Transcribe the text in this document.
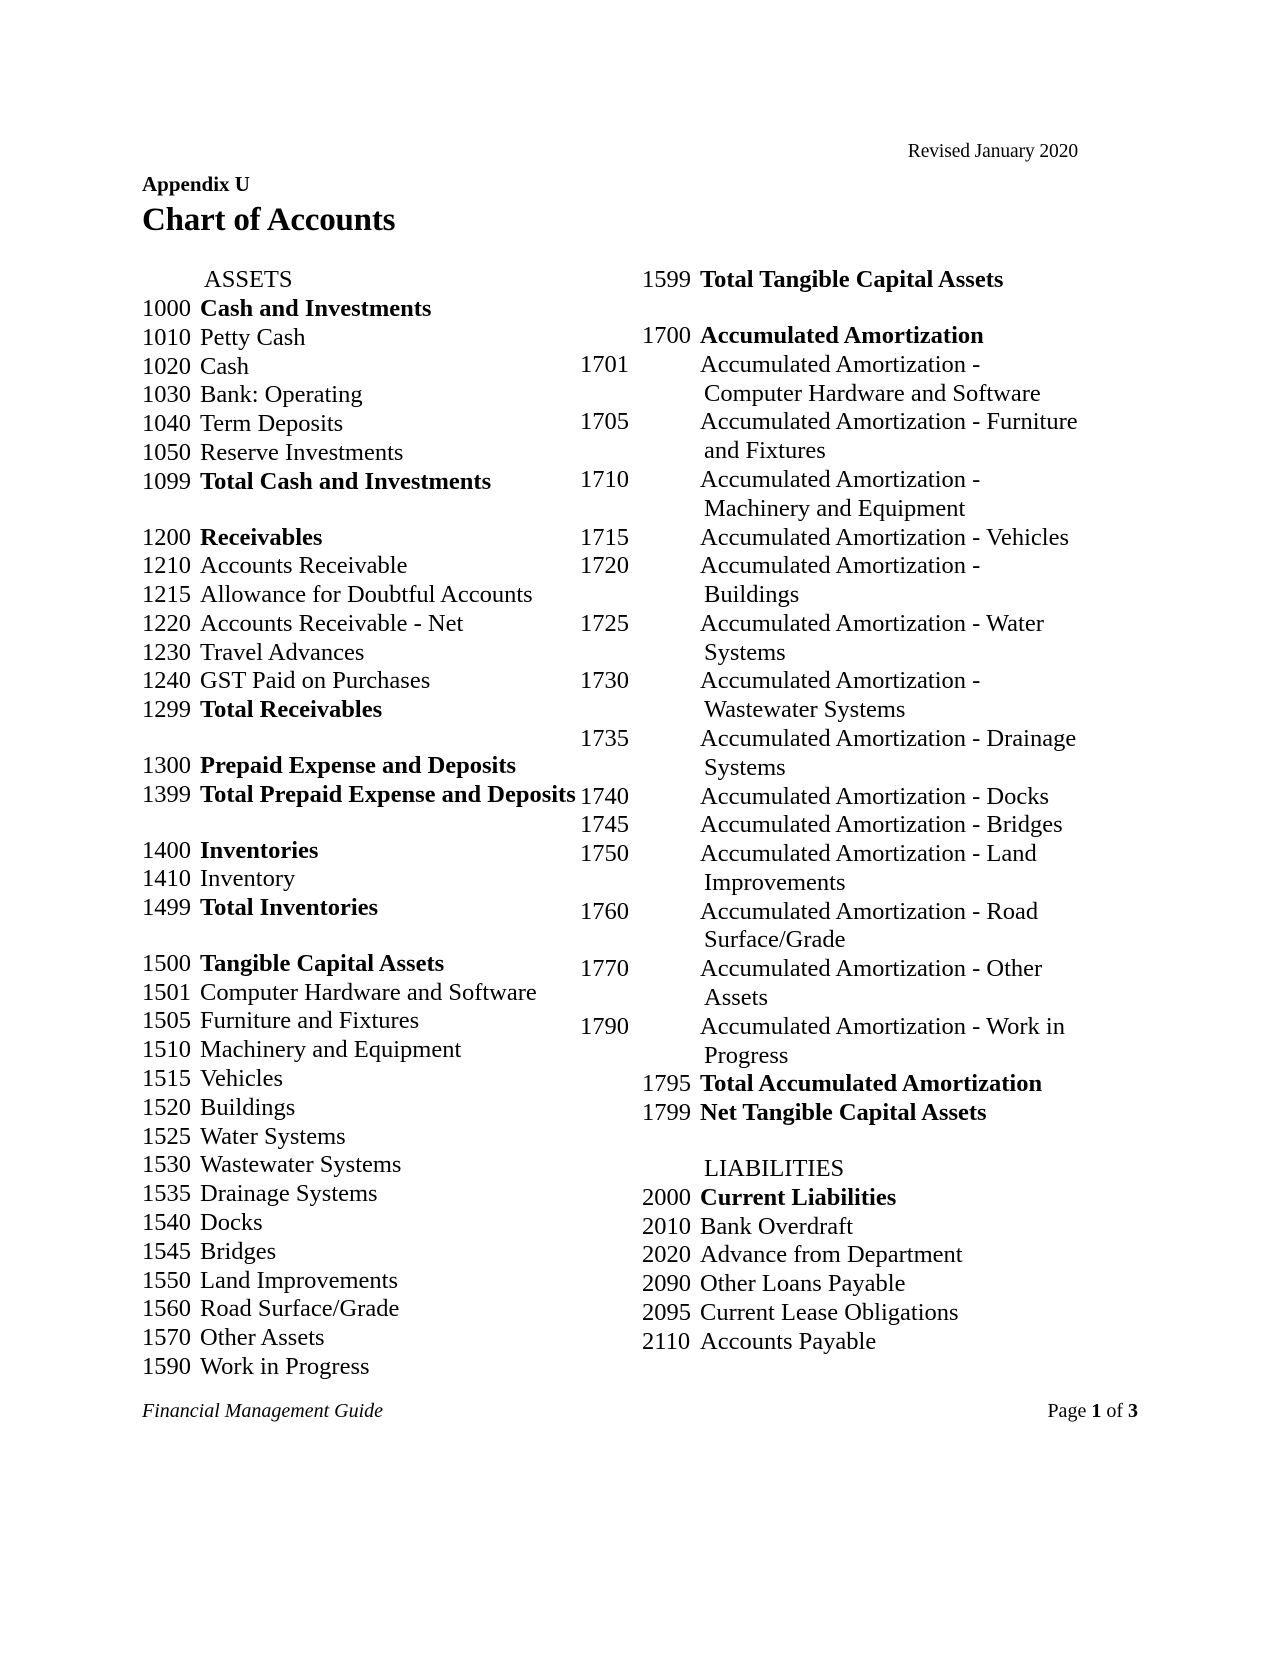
Revised January 2020
Appendix U
Chart of Accounts
ASSETS
1000 Cash and Investments
1010 Petty Cash
1020 Cash
1030 Bank: Operating
1040 Term Deposits
1050 Reserve Investments
1099 Total Cash and Investments
1200 Receivables
1210 Accounts Receivable
1215 Allowance for Doubtful Accounts
1220 Accounts Receivable - Net
1230 Travel Advances
1240 GST Paid on Purchases
1299 Total Receivables
1300 Prepaid Expense and Deposits
1399 Total Prepaid Expense and Deposits
1400 Inventories
1410 Inventory
1499 Total Inventories
1500 Tangible Capital Assets
1501 Computer Hardware and Software
1505 Furniture and Fixtures
1510 Machinery and Equipment
1515 Vehicles
1520 Buildings
1525 Water Systems
1530 Wastewater Systems
1535 Drainage Systems
1540 Docks
1545 Bridges
1550 Land Improvements
1560 Road Surface/Grade
1570 Other Assets
1590 Work in Progress
1599 Total Tangible Capital Assets
1700 Accumulated Amortization
1701	Accumulated Amortization - Computer Hardware and Software
1705	Accumulated Amortization - Furniture and Fixtures
1710	Accumulated Amortization - Machinery and Equipment
1715	Accumulated Amortization - Vehicles
1720	Accumulated Amortization - Buildings
1725	Accumulated Amortization - Water Systems
1730	Accumulated Amortization - Wastewater Systems
1735	Accumulated Amortization - Drainage Systems
1740	Accumulated Amortization - Docks
1745	Accumulated Amortization - Bridges
1750	Accumulated Amortization - Land Improvements
1760	Accumulated Amortization - Road Surface/Grade
1770	Accumulated Amortization - Other Assets
1790	Accumulated Amortization - Work in Progress
1795 Total Accumulated Amortization
1799 Net Tangible Capital Assets
LIABILITIES
2000 Current Liabilities
2010 Bank Overdraft
2020 Advance from Department
2090 Other Loans Payable
2095 Current Lease Obligations
2110 Accounts Payable
Financial Management Guide	Page 1 of 3
